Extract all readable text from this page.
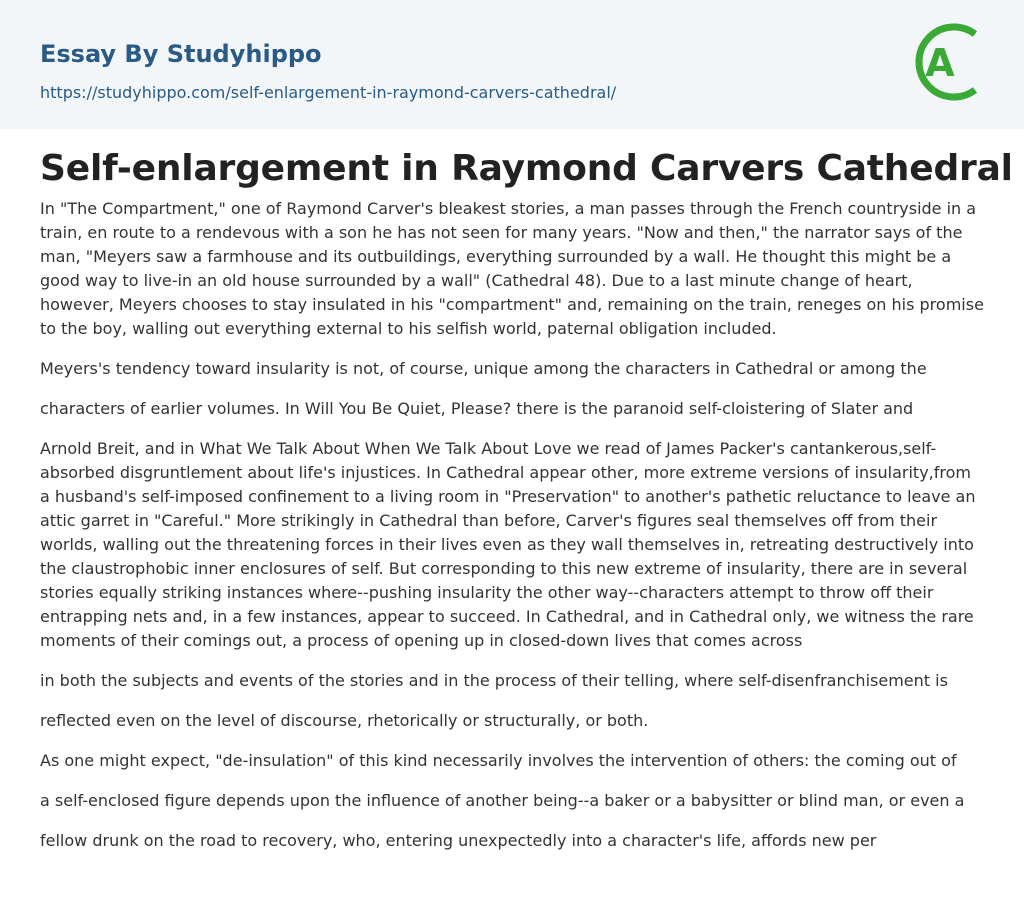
Essay By Studyhippo
https://studyhippo.com/self-enlargement-in-raymond-carvers-cathedral/
A
Self-enlargement in Raymond Carvers Cathedral

In "The Compartment," one of Raymond Carver's bleakest stories, a man passes through the French countryside in a train, en route to a rendevous with a son he has not seen for many years. "Now and then," the narrator says of the man, "Meyers saw a farmhouse and its outbuildings, everything surrounded by a wall. He thought this might be a good way to live-in an old house surrounded by a wall" (Cathedral 48). Due to a last minute change of heart, however, Meyers chooses to stay insulated in his "compartment" and, remaining on the train, reneges on his promise to the boy, walling out everything external to his selfish world, paternal obligation included.

Meyers's tendency toward insularity is not, of course, unique among the characters in Cathedral or among the

characters of earlier volumes. In Will You Be Quiet, Please? there is the paranoid self-cloistering of Slater and

Arnold Breit, and in What We Talk About When We Talk About Love we read of James Packer's cantankerous,self-absorbed disgruntlement about life's injustices. In Cathedral appear other, more extreme versions of insularity,from a husband's self-imposed confinement to a living room in "Preservation" to another's pathetic reluctance to leave an attic garret in "Careful." More strikingly in Cathedral than before, Carver's figures seal themselves off from their worlds, walling out the threatening forces in their lives even as they wall themselves in, retreating destructively into the claustrophobic inner enclosures of self. But corresponding to this new extreme of insularity, there are in several stories equally striking instances where--pushing insularity the other way--characters attempt to throw off their entrapping nets and, in a few instances, appear to succeed. In Cathedral, and in Cathedral only, we witness the rare moments of their comings out, a process of opening up in closed-down lives that comes across

in both the subjects and events of the stories and in the process of their telling, where self-disenfranchisement is

reflected even on the level of discourse, rhetorically or structurally, or both.

As one might expect, "de-insulation" of this kind necessarily involves the intervention of others: the coming out of

a self-enclosed figure depends upon the influence of another being--a baker or a babysitter or blind man, or even a

fellow drunk on the road to recovery, who, entering unexpectedly into a character's life, affords new per
